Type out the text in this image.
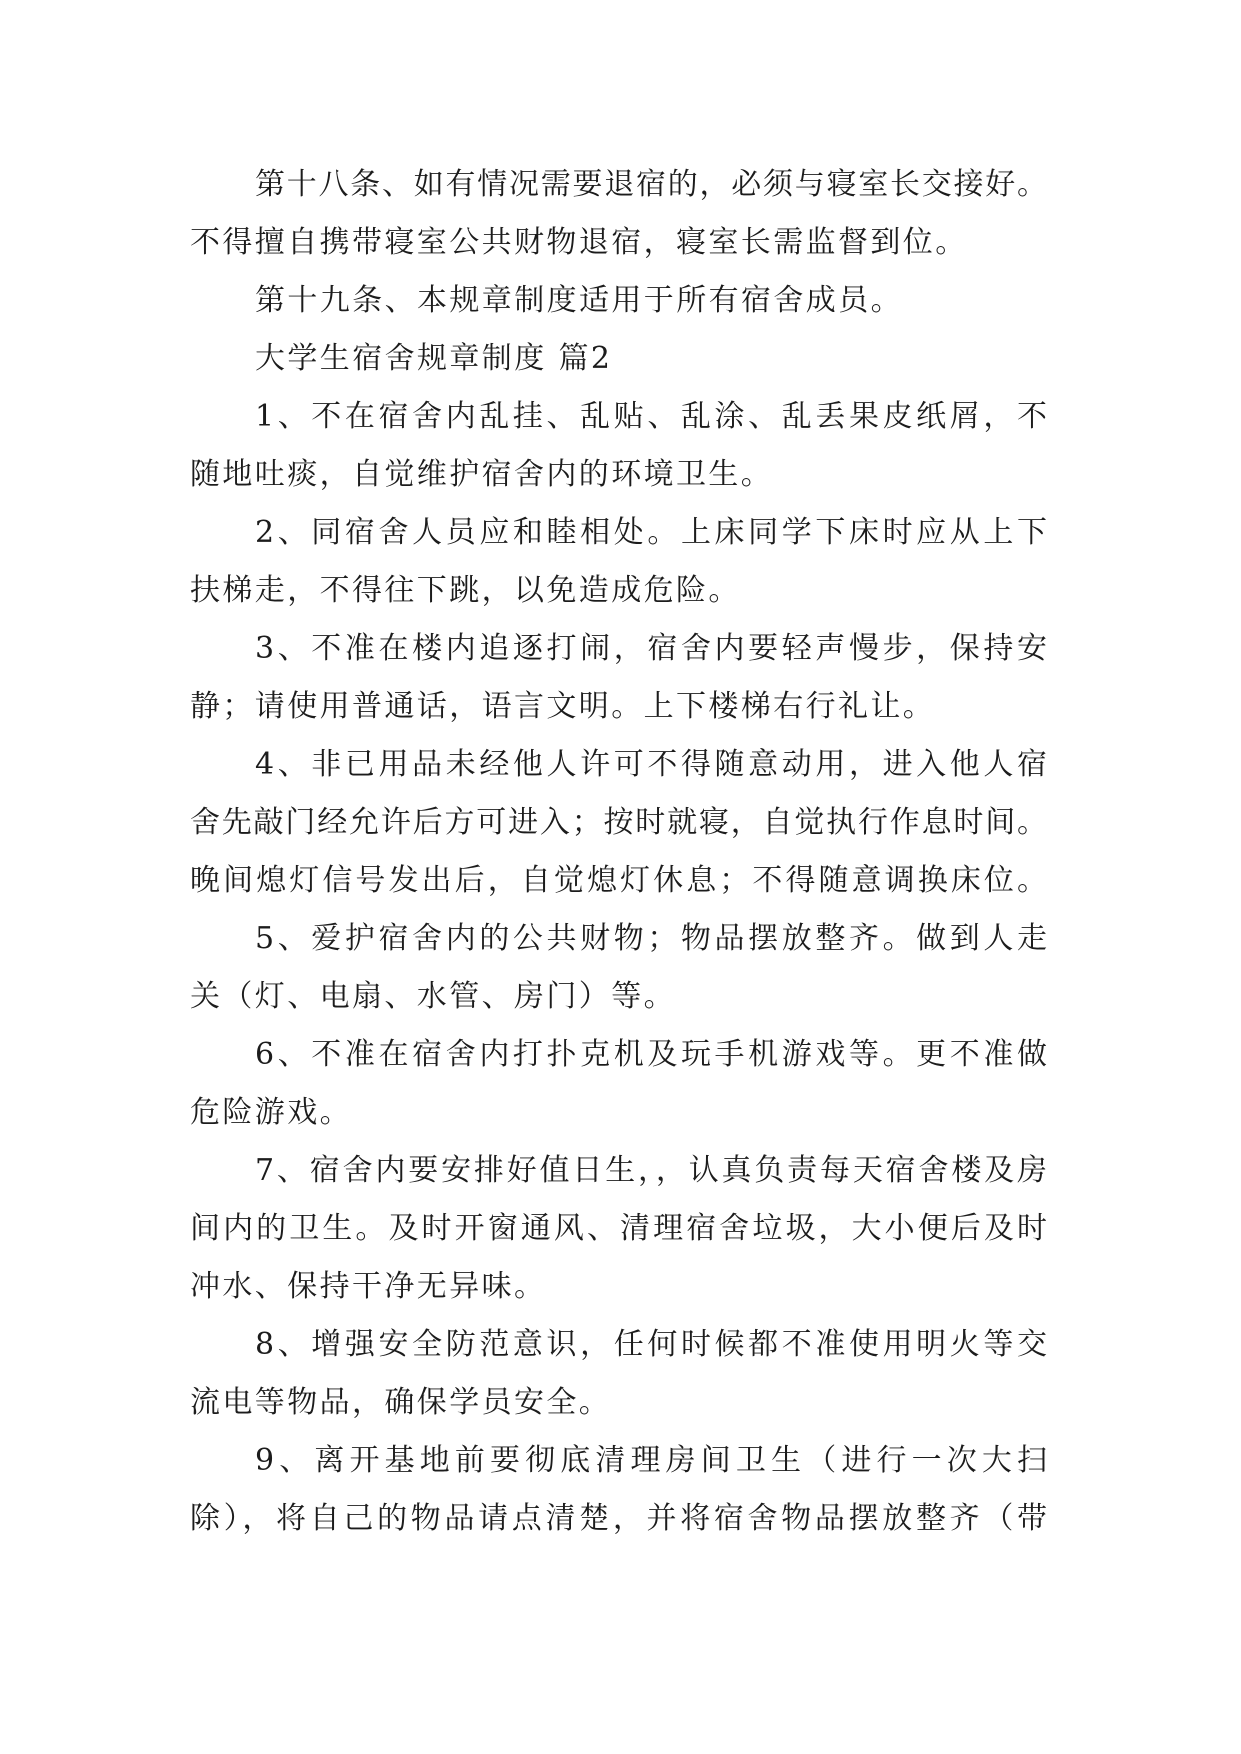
第十八条、如有情况需要退宿的，必须与寝室长交接好。
不得擅自携带寝室公共财物退宿，寝室长需监督到位。
第十九条、本规章制度适用于所有宿舍成员。
大学生宿舍规章制度 篇2
1、不在宿舍内乱挂、乱贴、乱涂、乱丢果皮纸屑，不
随地吐痰，自觉维护宿舍内的环境卫生。
2、同宿舍人员应和睦相处。上床同学下床时应从上下
扶梯走，不得往下跳，以免造成危险。
3、不准在楼内追逐打闹，宿舍内要轻声慢步，保持安
静；请使用普通话，语言文明。上下楼梯右行礼让。
4、非已用品未经他人许可不得随意动用，进入他人宿
舍先敲门经允许后方可进入；按时就寝，自觉执行作息时间。
晚间熄灯信号发出后，自觉熄灯休息；不得随意调换床位。
5、爱护宿舍内的公共财物；物品摆放整齐。做到人走
关（灯、电扇、水管、房门）等。
6、不准在宿舍内打扑克机及玩手机游戏等。更不准做
危险游戏。
7、宿舍内要安排好值日生，，认真负责每天宿舍楼及房
间内的卫生。及时开窗通风、清理宿舍垃圾，大小便后及时
冲水、保持干净无异味。
8、增强安全防范意识，任何时候都不准使用明火等交
流电等物品，确保学员安全。
9、离开基地前要彻底清理房间卫生（进行一次大扫
除），将自己的物品请点清楚，并将宿舍物品摆放整齐（带
